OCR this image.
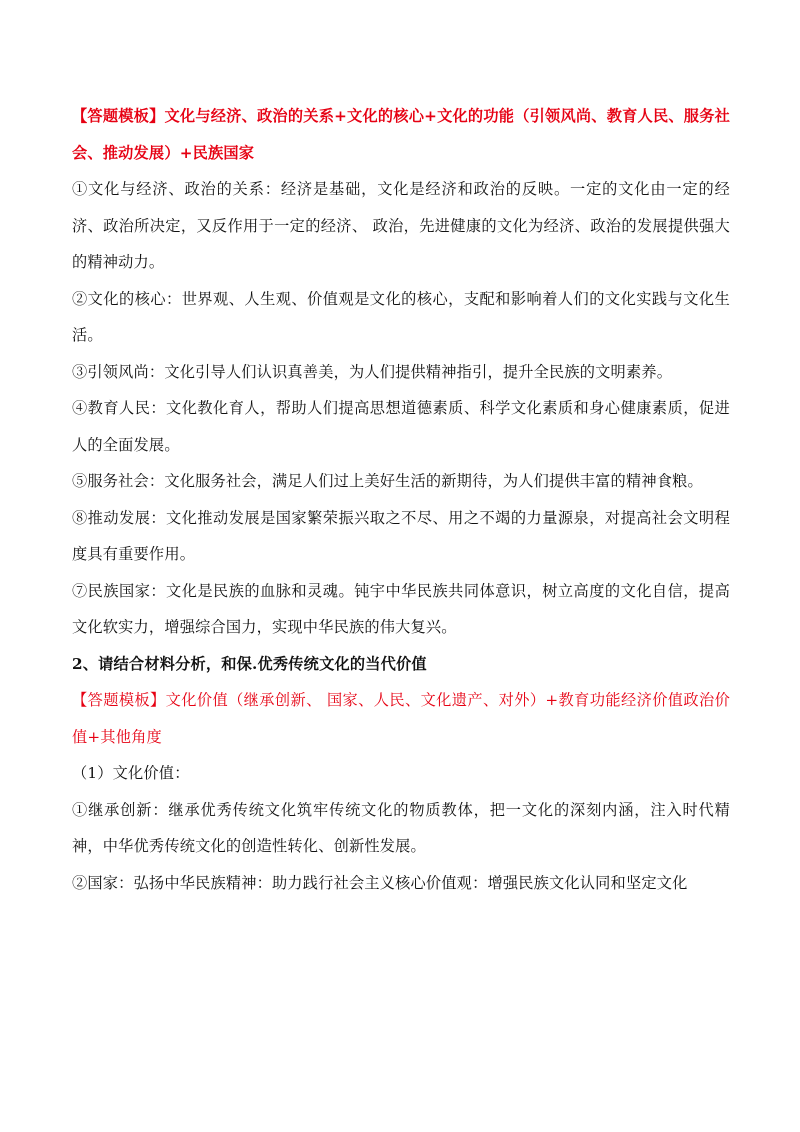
【答题模板】文化与经济、政治的关系+文化的核心+文化的功能（引领风尚、教育人民、服务社会、推动发展）+民族国家

①文化与经济、政治的关系：经济是基础，文化是经济和政治的反映。一定的文化由一定的经济、政治所决定，又反作用于一定的经济、 政治，先进健康的文化为经济、政治的发展提供强大的精神动力。

②文化的核心：世界观、人生观、价值观是文化的核心，支配和影响着人们的文化实践与文化生活。

③引领风尚：文化引导人们认识真善美，为人们提供精神指引，提升全民族的文明素养。

④教育人民：文化教化育人，帮助人们提高思想道德素质、科学文化素质和身心健康素质，促进人的全面发展。

⑤服务社会：文化服务社会，满足人们过上美好生活的新期待，为人们提供丰富的精神食粮。

⑧推动发展：文化推动发展是国家繁荣振兴取之不尽、用之不竭的力量源泉，对提高社会文明程度具有重要作用。

⑦民族国家：文化是民族的血脉和灵魂。钝宇中华民族共同体意识，树立高度的文化自信，提高文化软实力，增强综合国力，实现中华民族的伟大复兴。

2、请结合材料分析，和保.优秀传统文化的当代价值

【答题模板】文化价值（继承创新、 国家、人民、文化遗产、对外）+教育功能经济价值政治价值+其他角度

（1）文化价值：

①继承创新：继承优秀传统文化筑牢传统文化的物质教体，把一文化的深刻内涵，注入时代精神，中华优秀传统文化的创造性转化、创新性发展。

②国家：弘扬中华民族精神：助力践行社会主义核心价值观：增强民族文化认同和坚定文化
